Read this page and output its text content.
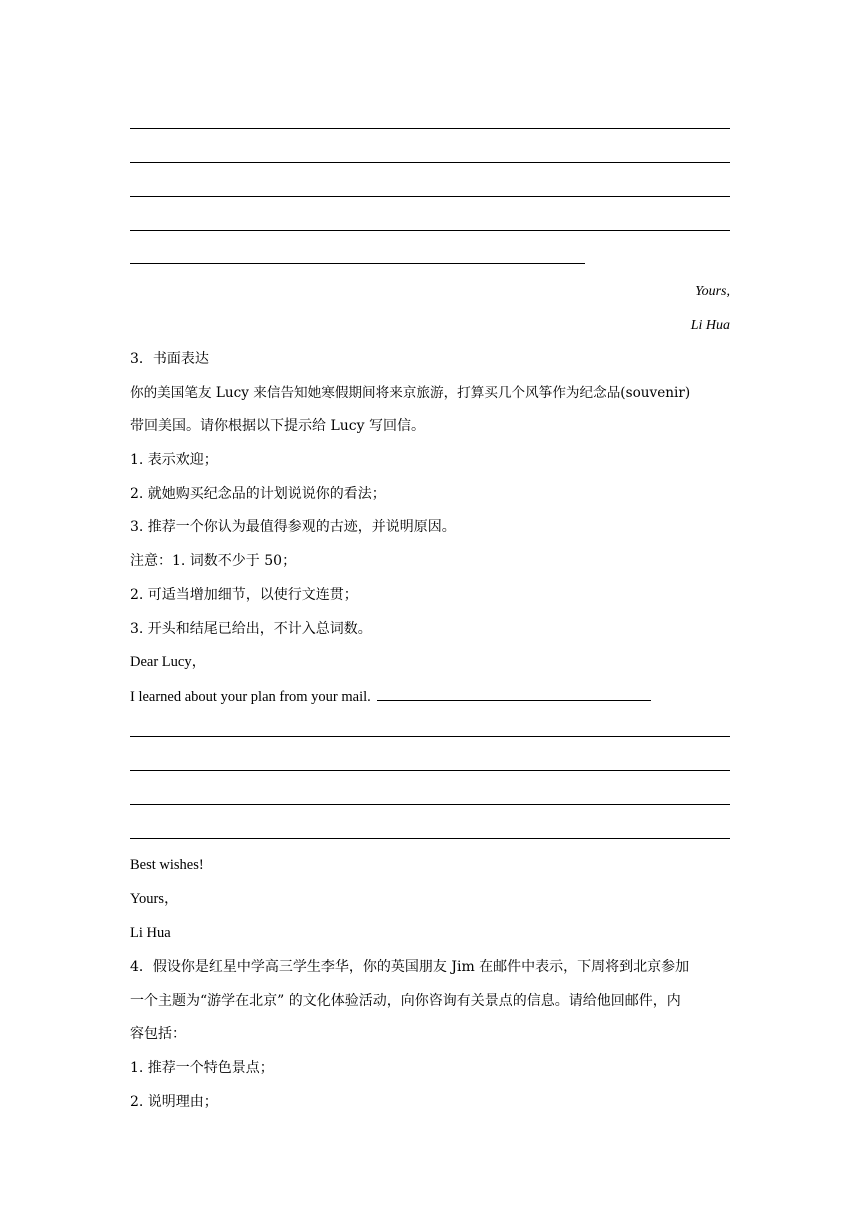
Yours,
Li Hua
3．书面表达
你的美国笔友 Lucy 来信告知她寒假期间将来京旅游，打算买几个风筝作为纪念品(souvenir)
带回美国。请你根据以下提示给 Lucy 写回信。
1. 表示欢迎；
2. 就她购买纪念品的计划说说你的看法；
3. 推荐一个你认为最值得参观的古迹，并说明原因。
注意：1. 词数不少于 50；
2. 可适当增加细节，以使行文连贯；
3. 开头和结尾已给出，不计入总词数。
Dear Lucy，
I learned about your plan from your mail.
Best wishes!
Yours，
Li Hua
4．假设你是红星中学高三学生李华，你的英国朋友 Jim 在邮件中表示，下周将到北京参加
一个主题为“游学在北京” 的文化体验活动，向你咨询有关景点的信息。请给他回邮件，内
容包括：
1. 推荐一个特色景点；
2. 说明理由；
